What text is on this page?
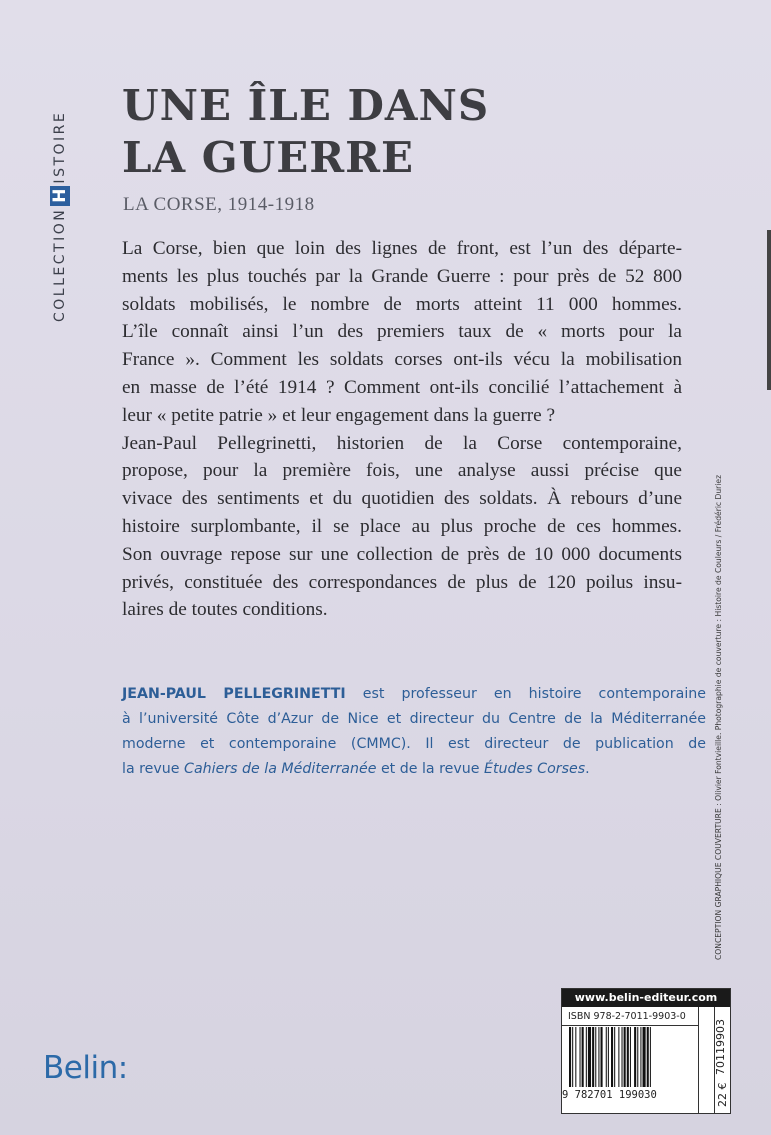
COLLECTION
H
ISTOIRE
UNE ÎLE DANS
LA GUERRE
LA CORSE, 1914-1918

La Corse, bien que loin des lignes de front, est l’un des départe-

ments les plus touchés par la Grande Guerre : pour près de 52 800

soldats mobilisés, le nombre de morts atteint 11 000 hommes.

L’île connaît ainsi l’un des premiers taux de « morts pour la

France ». Comment les soldats corses ont-ils vécu la mobilisation

en masse de l’été 1914 ? Comment ont-ils concilié l’attachement à

leur « petite patrie » et leur engagement dans la guerre ?

Jean-Paul Pellegrinetti, historien de la Corse contemporaine,

propose, pour la première fois, une analyse aussi précise que

vivace des sentiments et du quotidien des soldats. À rebours d’une

histoire surplombante, il se place au plus proche de ces hommes.

Son ouvrage repose sur une collection de près de 10 000 documents

privés, constituée des correspondances de plus de 120 poilus insu-

laires de toutes conditions.

JEAN-PAUL PELLEGRINETTI est professeur en histoire contemporaine

à l’université Côte d’Azur de Nice et directeur du Centre de la Méditerranée

moderne et contemporaine (CMMC). Il est directeur de publication de

la revue Cahiers de la Méditerranée et de la revue Études Corses.	CONCEPTION GRAPHIQUE COUVERTURE : Olivier Fontvieille. Photographie de couverture : Histoire de Couleurs / Frédéric Duriez
Belin:
www.belin-editeur.com
ISBN 978-2-7011-9903-0
9 782701 199030
70119903
22 €
